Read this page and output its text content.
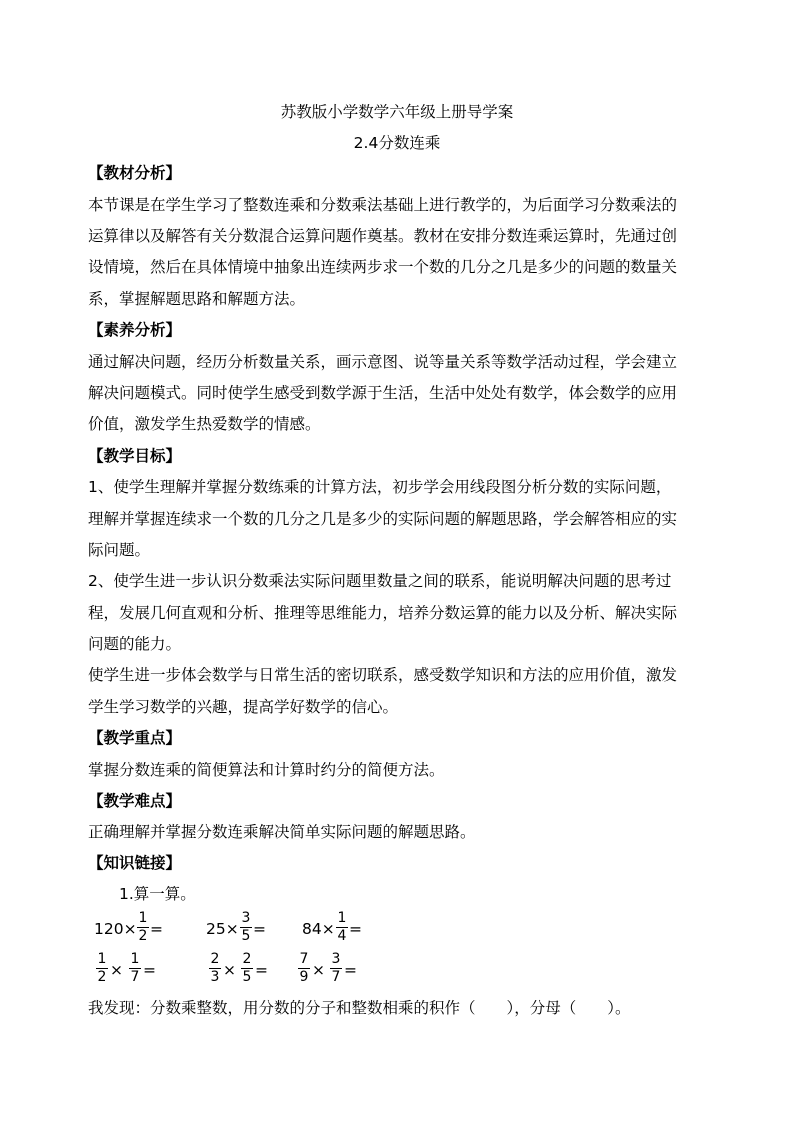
苏教版小学数学六年级上册导学案
2.4分数连乘
【教材分析】
本节课是在学生学习了整数连乘和分数乘法基础上进行教学的，为后面学习分数乘法的
运算律以及解答有关分数混合运算问题作奠基。教材在安排分数连乘运算时，先通过创
设情境，然后在具体情境中抽象出连续两步求一个数的几分之几是多少的问题的数量关
系，掌握解题思路和解题方法。
【素养分析】
通过解决问题，经历分析数量关系，画示意图、说等量关系等数学活动过程，学会建立
解决问题模式。同时使学生感受到数学源于生活，生活中处处有数学，体会数学的应用
价值，激发学生热爱数学的情感。
【教学目标】
1、使学生理解并掌握分数练乘的计算方法，初步学会用线段图分析分数的实际问题，
理解并掌握连续求一个数的几分之几是多少的实际问题的解题思路，学会解答相应的实
际问题。
2、使学生进一步认识分数乘法实际问题里数量之间的联系，能说明解决问题的思考过
程，发展几何直观和分析、推理等思维能力，培养分数运算的能力以及分析、解决实际
问题的能力。
使学生进一步体会数学与日常生活的密切联系，感受数学知识和方法的应用价值，激发
学生学习数学的兴趣，提高学好数学的信心。
【教学重点】
掌握分数连乘的简便算法和计算时约分的简便方法。
【教学难点】
正确理解并掌握分数连乘解决简单实际问题的解题思路。
【知识链接】
1.算一算。
120×
1
2 =	25×
3
5 = 84×
1
4 =
1
2 ×
1
7 =
2
3 ×
2
5 =
7
9 ×
3
7 =
我发现：分数乘整数，用分数的分子和整数相乘的积作（　　），分母（　　）。
